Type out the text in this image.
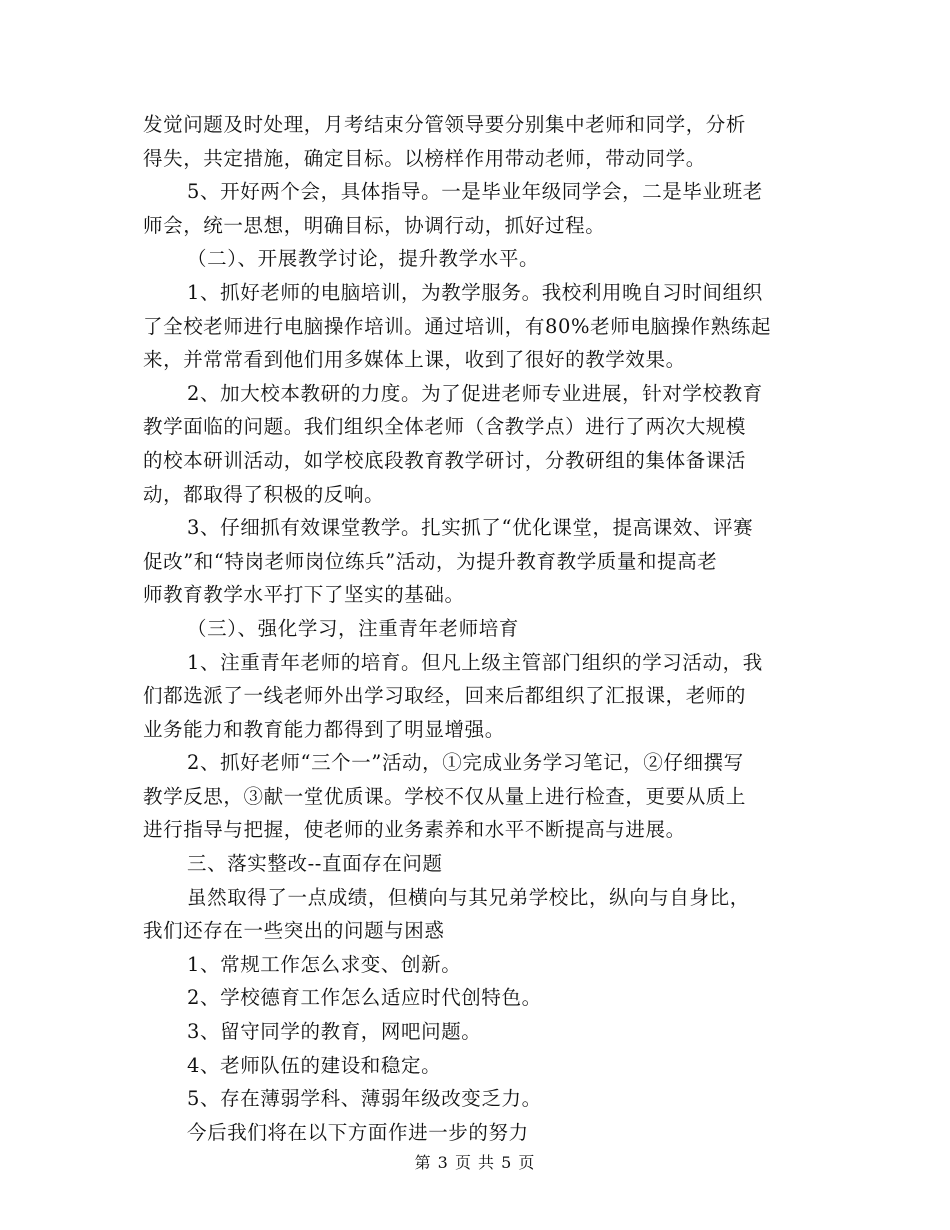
发觉问题及时处理，月考结束分管领导要分别集中老师和同学，分析
得失，共定措施，确定目标。以榜样作用带动老师，带动同学。
5、开好两个会，具体指导。一是毕业年级同学会，二是毕业班老
师会，统一思想，明确目标，协调行动，抓好过程。
（二）、开展教学讨论，提升教学水平。
1、抓好老师的电脑培训，为教学服务。我校利用晚自习时间组织
了全校老师进行电脑操作培训。通过培训，有80%老师电脑操作熟练起
来，并常常看到他们用多媒体上课，收到了很好的教学效果。
2、加大校本教研的力度。为了促进老师专业进展，针对学校教育
教学面临的问题。我们组织全体老师（含教学点）进行了两次大规模
的校本研训活动，如学校底段教育教学研讨，分教研组的集体备课活
动，都取得了积极的反响。
3、仔细抓有效课堂教学。扎实抓了“优化课堂，提高课效、评赛
促改”和“特岗老师岗位练兵”活动，为提升教育教学质量和提高老
师教育教学水平打下了坚实的基础。
（三）、强化学习，注重青年老师培育
1、注重青年老师的培育。但凡上级主管部门组织的学习活动，我
们都选派了一线老师外出学习取经，回来后都组织了汇报课，老师的
业务能力和教育能力都得到了明显增强。
2、抓好老师“三个一”活动，①完成业务学习笔记，②仔细撰写
教学反思，③献一堂优质课。学校不仅从量上进行检查，更要从质上
进行指导与把握，使老师的业务素养和水平不断提高与进展。
三、落实整改--直面存在问题
虽然取得了一点成绩，但横向与其兄弟学校比，纵向与自身比，
我们还存在一些突出的问题与困惑
1、常规工作怎么求变、创新。
2、学校德育工作怎么适应时代创特色。
3、留守同学的教育，网吧问题。
4、老师队伍的建设和稳定。
5、存在薄弱学科、薄弱年级改变乏力。
今后我们将在以下方面作进一步的努力
第 3 页 共 5 页
